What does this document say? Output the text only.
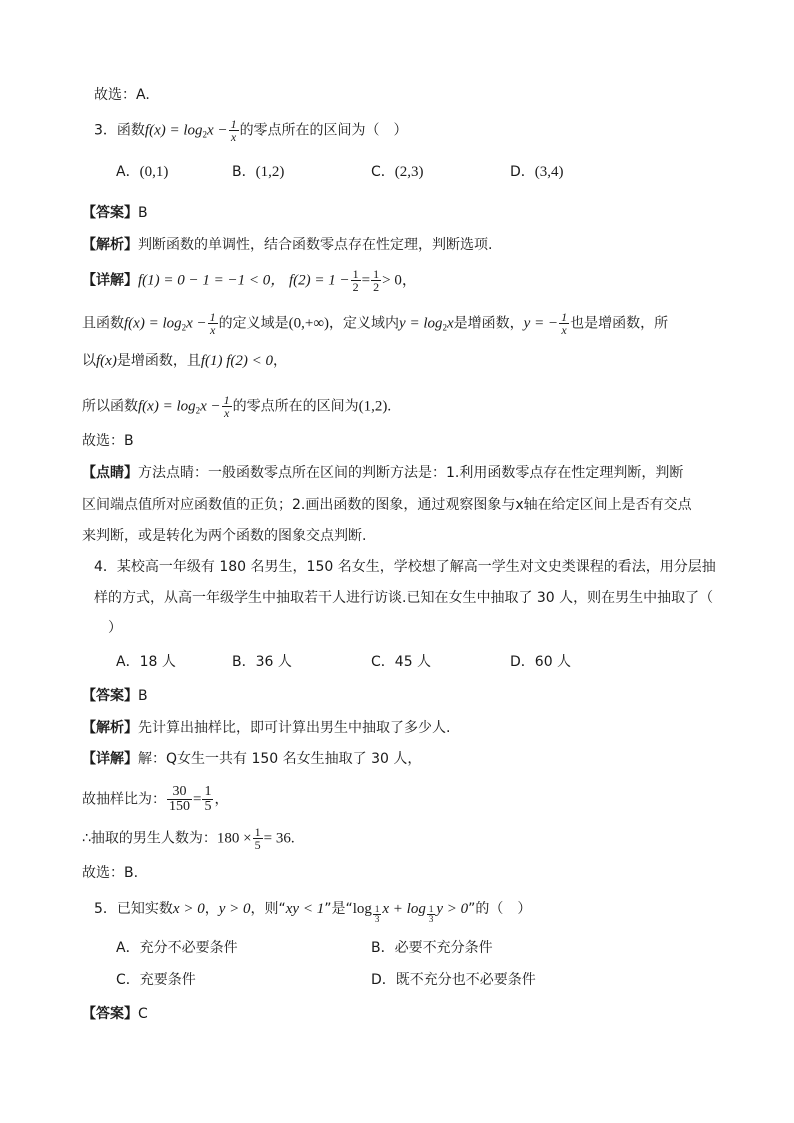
故选：A.
3．函数$f(x) = \log_2x - \frac{1}{x}$ 的零点所在的区间为（　）
A．(0,1)	B．(1,2)	C．(2,3)	D．(3,4)
【答案】B
【解析】判断函数的单调性，结合函数零点存在性定理，判断选项.
【详解】f(1) = 0 − 1 = −1 < 0， $f(2) = 1 - \frac{1}{2} = \frac{1}{2} > 0$，
且函数$f(x) = \log_2x - \frac{1}{x}$ 的定义域是(0,+∞)，定义域内$y = \log_2x$是增函数，y = − $\frac{1}{x}$ 也是增函数，所
以f(x)是增函数，且f(1) f(2) < 0，
所以函数$f(x) = \log_2x - \frac{1}{x}$ 的零点所在的区间为(1,2).
故选：B
【点睛】方法点睛：一般函数零点所在区间的判断方法是：1.利用函数零点存在性定理判断，判断
区间端点值所对应函数值的正负；2.画出函数的图象，通过观察图象与x轴在给定区间上是否有交点
来判断，或是转化为两个函数的图象交点判断.
4．某校高一年级有 180 名男生，150 名女生，学校想了解高一学生对文史类课程的看法，用分层抽
样的方式，从高一年级学生中抽取若干人进行访谈.已知在女生中抽取了 30 人，则在男生中抽取了（
）
A．18 人	B．36 人	C．45 人	D．60 人
【答案】B
【解析】先计算出抽样比，即可计算出男生中抽取了多少人.
【详解】解：Q女生一共有 150 名女生抽取了 30 人，
故抽样比为： $\frac{30}{150} = \frac{1}{5}$ ，
∴抽取的男生人数为：$180 \times \frac{1}{5} = 36$.
故选：B.
5．已知实数x > 0，y > 0，则“xy < 1”是“$\log \frac{1}{3}$ $x + \log \frac{1}{3}$ y > 0”的（　）
A．充分不必要条件	B．必要不充分条件
C．充要条件	D．既不充分也不必要条件
【答案】C
